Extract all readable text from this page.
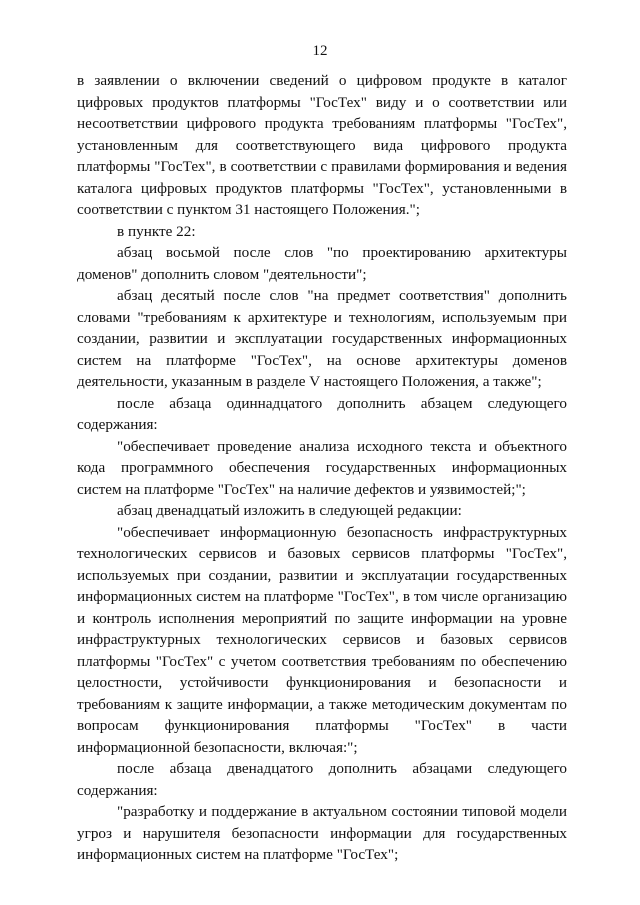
12

в заявлении о включении сведений о цифровом продукте в каталог цифровых продуктов платформы "ГосТех" виду и о соответствии или несоответствии цифрового продукта требованиям платформы "ГосТех", установленным для соответствующего вида цифрового продукта платформы "ГосТех", в соответствии с правилами формирования и ведения каталога цифровых продуктов платформы "ГосТех", установленными в соответствии с пунктом 31 настоящего Положения.";

в пункте 22:

абзац восьмой после слов "по проектированию архитектуры доменов" дополнить словом "деятельности";

абзац десятый после слов "на предмет соответствия" дополнить словами "требованиям к архитектуре и технологиям, используемым при создании, развитии и эксплуатации государственных информационных систем на платформе "ГосТех", на основе архитектуры доменов деятельности, указанным в разделе V настоящего Положения, а также";

после абзаца одиннадцатого дополнить абзацем следующего содержания:

"обеспечивает проведение анализа исходного текста и объектного кода программного обеспечения государственных информационных систем на платформе "ГосТех" на наличие дефектов и уязвимостей;";

абзац двенадцатый изложить в следующей редакции:

"обеспечивает информационную безопасность инфраструктурных технологических сервисов и базовых сервисов платформы "ГосТех", используемых при создании, развитии и эксплуатации государственных информационных систем на платформе "ГосТех", в том числе организацию и контроль исполнения мероприятий по защите информации на уровне инфраструктурных технологических сервисов и базовых сервисов платформы "ГосТех" с учетом соответствия требованиям по обеспечению целостности, устойчивости функционирования и безопасности и требованиям к защите информации, а также методическим документам по вопросам функционирования платформы "ГосТех" в части информационной безопасности, включая:";

после абзаца двенадцатого дополнить абзацами следующего содержания:

"разработку и поддержание в актуальном состоянии типовой модели угроз и нарушителя безопасности информации для государственных информационных систем на платформе "ГосТех";
